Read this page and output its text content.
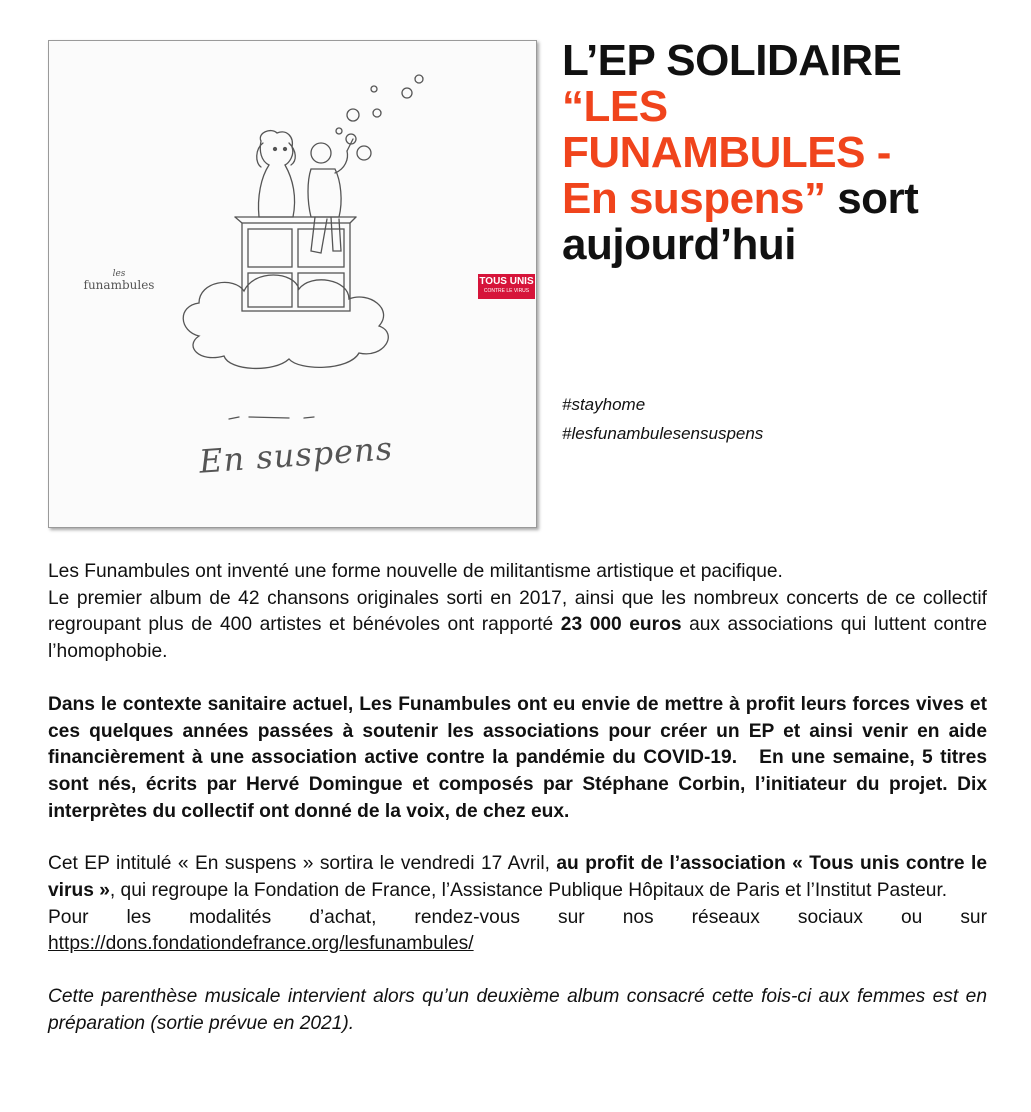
les
funambules	TOUS UNIS
CONTRE LE VIRUS
En suspens
L’EP SOLIDAIRE
“LES
FUNAMBULES -
En suspens” sort
aujourd’hui
#stayhome
#lesfunambulesensuspens

Les Funambules ont inventé une forme nouvelle de militantisme artistique et pacifique.

Le premier album de 42 chansons originales sorti en 2017, ainsi que les nombreux concerts de ce collectif regroupant plus de 400 artistes et bénévoles ont rapporté 23 000 euros aux associations qui luttent contre l’homophobie.

Dans le contexte sanitaire actuel, Les Funambules ont eu envie de mettre à profit leurs forces vives et ces quelques années passées à soutenir les associations pour créer un EP et ainsi venir en aide financièrement à une association active contre la pandémie du COVID-19.   En une semaine, 5 titres sont nés, écrits par Hervé Domingue et composés par Stéphane Corbin, l’initiateur du projet. Dix interprètes du collectif ont donné de la voix, de chez eux.

Cet EP intitulé « En suspens » sortira le vendredi 17 Avril, au profit de l’association « Tous unis contre le virus », qui regroupe la Fondation de France, l’Assistance Publique Hôpitaux de Paris et l’Institut Pasteur.

Pour les modalités d’achat, rendez-vous sur nos réseaux sociaux ou sur https://dons.fondationdefrance.org/lesfunambules/

Cette parenthèse musicale intervient alors qu’un deuxième album consacré cette fois-ci aux femmes est en préparation (sortie prévue en 2021).
